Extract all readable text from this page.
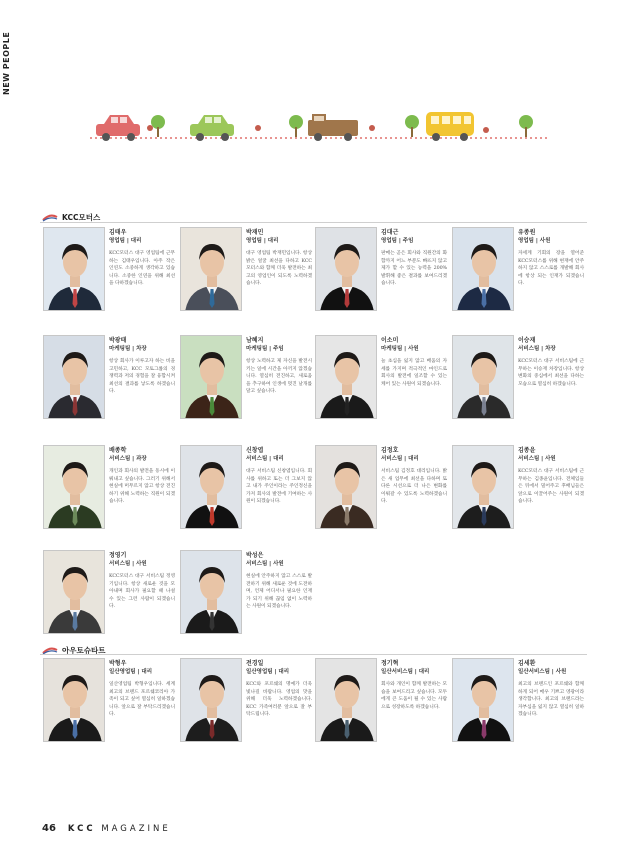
NEW PEOPLE
KCC모터스
아우토슈타트
김태우
영업팀 | 대리
KCC모터스 대구 영업팀에 근무하는 김태우입니다. 아주 작은 인연도 소중하게 생각하고 있습니다. 소중한 인연을 위해 최선을 다하겠습니다.
박재민
영업팀 | 대리
대구 영업팀 박재민입니다. 항상 밝은 얼굴 최선을 다하고 KCC모터스와 함께 더욱 발전하는 최고의 영업인이 되도록 노력하겠습니다.
김대근
영업팀 | 주임
판매는 곧은 회사와 직원간의 화합까지 어느 부분도 빠뜨지 않고 제가 할 수 있는 능력을 200% 발휘해 좋은 결과를 보여드리겠습니다.
유종원
영업팀 | 사원
자세계 기회의 장을 열어준 KCC모터스를 위해 현재에 안주하지 않고 스스로를 개발해 회사에 항상 되는 인재가 되겠습니다.
박광태
마케팅팀 | 차장
항상 회사가 이루고자 하는 비을 고민하고, KCC 모토그룹의 경쟁력과 저의 경험을 잘 융합시켜 최선의 결과를 낳도록 하겠습니다.
남혜지
마케팅팀 | 주임
항상 노력하고 제 자신을 발전시키는 일에 시간을 아끼지 않겠습니다. 열심히 전진하고, 새로움을 추구하여 인생에 멋진 날개를 달고 싶습니다.
이소미
마케팅팀 | 사원
늘 초심을 잃지 않고 배움의 자세를 가지며 적극적인 마인드로 회사의 발전에 일조할 수 있는 케어 있는 사원이 되겠습니다.
이승재
서비스팀 | 차장
KCC모터스 대구 서비스팀에 근무하는 이승재 차장입니다. 항상 변화의 중심에서 최선을 다하는 모습으로 열심히 하겠습니다.
배종학
서비스팀 | 과장
개인과 회사의 발전을 동시에 이뤄내고 싶습니다. 그러기 위해서 현실에 머무르지 않고 항상 전진하기 위해 노력하는 직원이 되겠습니다.
신창엽
서비스팀 | 대리
대구 서비스팀 신창엽입니다. 회사를 위하고 또는 더 그보지 않고 내가 주인이라는 주인정신을 가져 회사의 발전에 기여하는 사원이 되겠습니다.
김정호
서비스팀 | 대리
서비스팀 김정호 대리입니다. 밝은 새 업무에 최선을 다하며 또 다른 시선으로 더 나은 변화를 이뤄갈 수 있도록 노력하겠습니다.
김종윤
서비스팀 | 사원
KCC모터스 대구 서비스팀에 근무하는 김종윤입니다. 전체입들은 뒤에서 밀어주고 후배님들은 앞으로 이끌어주는 사원이 되겠습니다.
정영기
서비스팀 | 사원
KCC모터스 대구 서비스팀 정영기입니다. 항상 새로운 것을 모아내며 회사가 필요할 때 나설 수 있는 그런 사람이 되겠습니다.
박성은
서비스팀 | 사원
현실에 안주하지 않고 스스로 발전하기 위해 새로운 것에 도전하며, 언제 어디서나 필요한 인재가 되기 위해 끊임 없이 노력하는 사원이 되겠습니다.
박형우
일산영업팀 | 대리
일산영업팀 박형우입니다. 세계 최고의 브랜드 포르쉐코리아 가족이 되고 싶어 열심히 일하겠습니다. 앞으로 잘 부탁드리겠습니다.
전경일
일산영업팀 | 대리
KCC와 포르쉐의 명예가 더욱 빛나길 바랍니다. 영업의 맛을 위해 더욱 노력하겠습니다. KCC 가족여러분 앞으로 잘 부탁드립니다.
정기혁
일산서비스팀 | 대리
회사와 개인이 함께 발전하는 모습을 보여드리고 싶습니다. 모두에게 큰 도움이 될 수 있는 사람으로 성장하도록 하겠습니다.
김세환
일산서비스팀 | 사원
최고의 브랜드인 포르쉐와 함께 하게 되어 매우 기쁘고 영광이라 생각합니다. 최고의 브랜드라는 자부심을 잃지 않고 열심히 일하겠습니다.
46 KCC MAGAZINE
